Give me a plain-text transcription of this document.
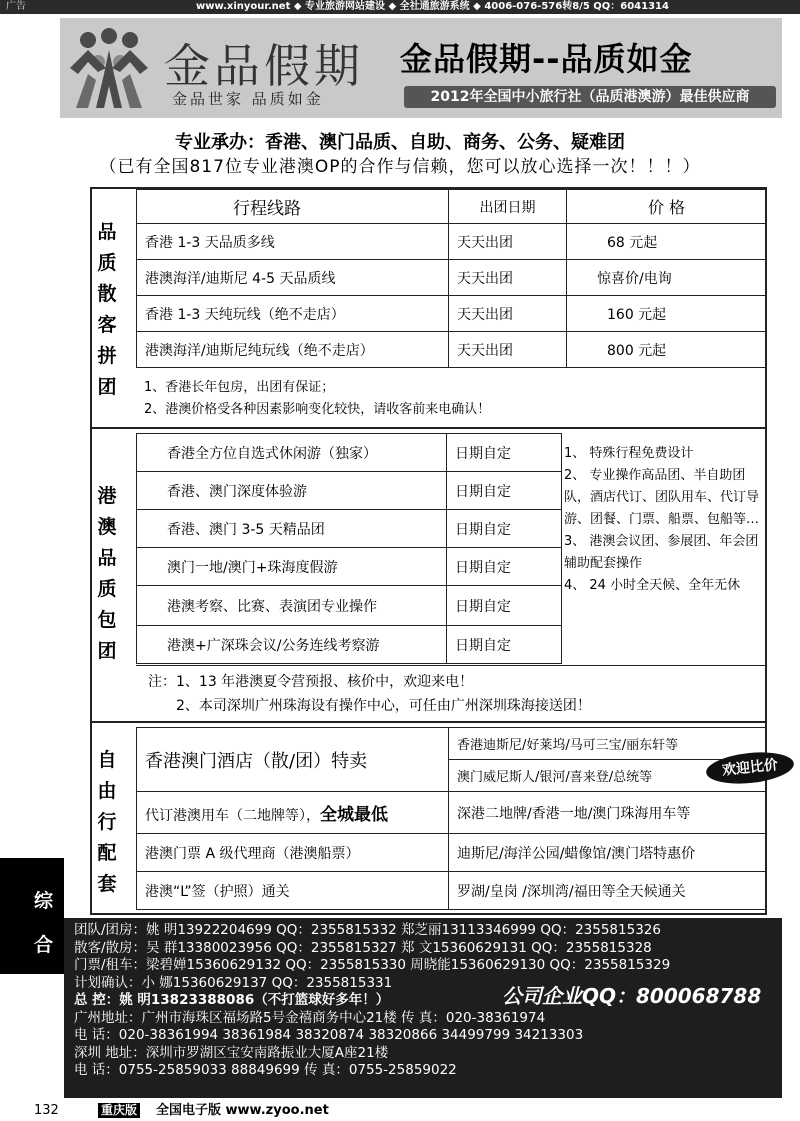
广告	www.xinyour.net ◆ 专业旅游网站建设 ◆ 全社通旅游系统 ◆ 4006-076-576转8/5 QQ：6041314
金品假期
金品世家 品质如金
金品假期--品质如金
2012年全国中小旅行社（品质港澳游）最佳供应商
专业承办：香港、澳门品质、自助、商务、公务、疑难团
（已有全国817位专业港澳OP的合作与信赖，您可以放心选择一次！！！）
品质散客拼团
行程线路	出团日期	价 格
香港 1-3 天品质多线	天天出团	68 元起
港澳海洋/迪斯尼 4-5 天品质线	天天出团	惊喜价/电询
香港 1-3 天纯玩线（绝不走店）	天天出团	160 元起
港澳海洋/迪斯尼纯玩线（绝不走店）	天天出团	800 元起
1、香港长年包房，出团有保证；
2、港澳价格受各种因素影响变化较快，请收客前来电确认！
港澳品质包团
香港全方位自选式休闲游（独家）	日期自定
香港、澳门深度体验游	日期自定
香港、澳门 3-5 天精品团	日期自定
澳门一地/澳门+珠海度假游	日期自定
港澳考察、比赛、表演团专业操作	日期自定
港澳+广深珠会议/公务连线考察游	日期自定
1、 特殊行程免费设计
2、 专业操作高品团、半自助团队，酒店代订、团队用车、代订导游、团餐、门票、船票、包船等…
3、 港澳会议团、参展团、年会团辅助配套操作
4、 24 小时全天候、全年无休
注：1、13 年港澳夏令营预报、核价中，欢迎来电！
2、本司深圳广州珠海设有操作中心，可任由广州深圳珠海接送团！
自由行配套
香港澳门酒店（散/团）特卖	香港迪斯尼/好莱坞/马可三宝/丽东轩等
	澳门威尼斯人/银河/喜来登/总统等
代订港澳用车（二地牌等），全城最低	深港二地牌/香港一地/澳门珠海用车等
港澳门票 A 级代理商（港澳船票）	迪斯尼/海洋公园/蜡像馆/澳门塔特惠价
港澳“L”签（护照）通关	罗湖/皇岗 /深圳湾/福田等全天候通关
欢迎比价
综
合
团队/团房：姚 明13922204699 QQ：2355815332 郑芝丽13113346999 QQ：2355815326
散客/散房：吴 群13380023956 QQ：2355815327 郑 文15360629131 QQ：2355815328
门票/租车：梁碧婵15360629132 QQ：2355815330 周晓能15360629130 QQ：2355815329
计划确认：小 娜15360629137 QQ：2355815331
总 控：姚 明13823388086（不打篮球好多年！）
广州地址：广州市海珠区福场路5号金禧商务中心21楼 传 真：020-38361974
电 话：020-38361994 38361984 38320874 38320866 34499799 34213303
深圳 地址：深圳市罗湖区宝安南路振业大厦A座21楼
电 话：0755-25859033 88849699 传 真：0755-25859022
公司企业QQ：800068788
132	重庆版 全国电子版 www.zyoo.net
